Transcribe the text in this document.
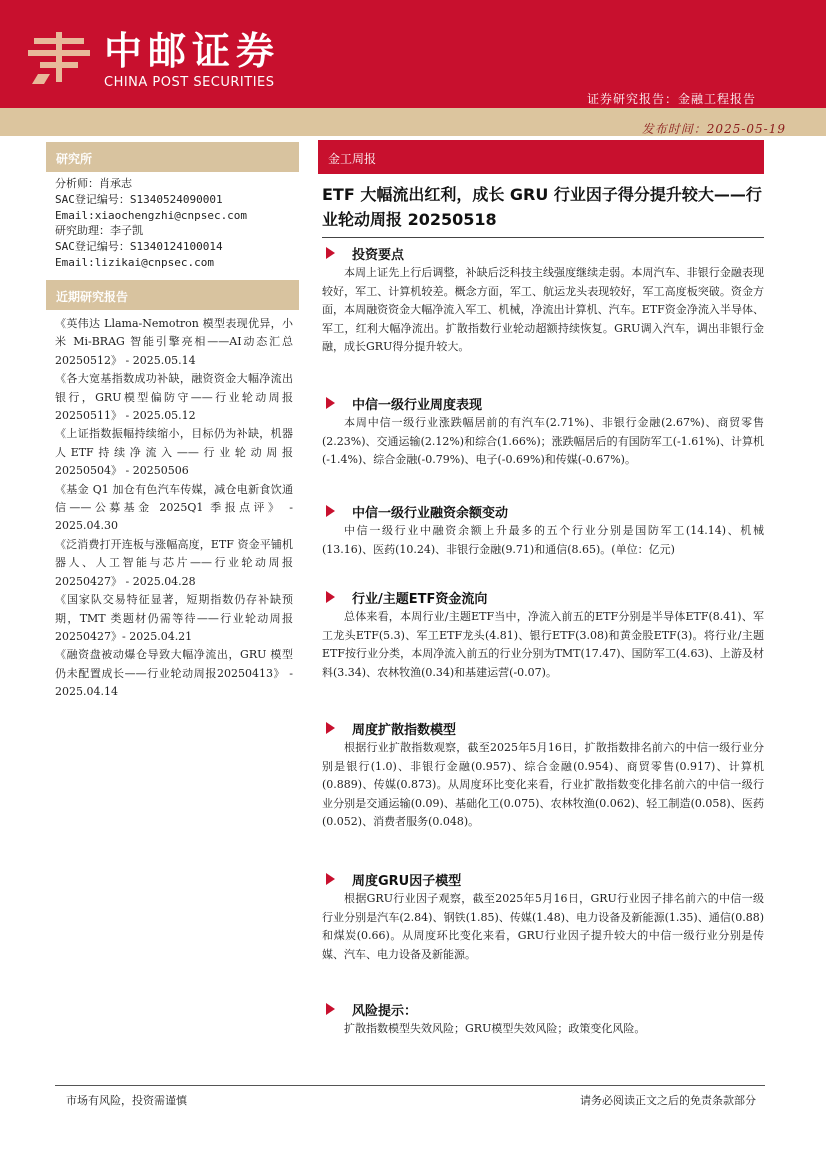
中邮证券
CHINA POST SECURITIES
证券研究报告：金融工程报告
发布时间：2025-05-19
研究所
分析师：肖承志
SAC登记编号：S1340524090001
Email:xiaochengzhi@cnpsec.com
研究助理：李子凯
SAC登记编号：S1340124100014
Email:lizikai@cnpsec.com
近期研究报告
《英伟达 Llama-Nemotron 模型表现优异，小米 Mi-BRAG 智能引擎亮相——AI动态汇总20250512》 - 2025.05.14
《各大宽基指数成功补缺，融资资金大幅净流出银行，GRU模型偏防守——行业轮动周报20250511》 - 2025.05.12
《上证指数振幅持续缩小，目标仍为补缺，机器人ETF持续净流入——行业轮动周报20250504》 - 20250506
《基金 Q1 加仓有色汽车传媒，减仓电新食饮通信——公募基金 2025Q1 季报点评》 - 2025.04.30
《泛消费打开连板与涨幅高度，ETF 资金平铺机器人、人工智能与芯片——行业轮动周报20250427》 - 2025.04.28
《国家队交易特征显著，短期指数仍存补缺预期，TMT 类题材仍需等待——行业轮动周报20250427》- 2025.04.21
《融资盘被动爆仓导致大幅净流出，GRU 模型仍未配置成长——行业轮动周报20250413》 - 2025.04.14
金工周报
ETF 大幅流出红利，成长 GRU 行业因子得分提升较大——行业轮动周报 20250518
投资要点
本周上证先上行后调整，补缺后泛科技主线强度继续走弱。本周汽车、非银行金融表现较好，军工、计算机较差。概念方面，军工、航运龙头表现较好，军工高度板突破。资金方面，本周融资资金大幅净流入军工、机械，净流出计算机、汽车。ETF资金净流入半导体、军工，红利大幅净流出。扩散指数行业轮动超额持续恢复。GRU调入汽车，调出非银行金融，成长GRU得分提升较大。
中信一级行业周度表现
本周中信一级行业涨跌幅居前的有汽车(2.71%)、非银行金融(2.67%)、商贸零售(2.23%)、交通运输(2.12%)和综合(1.66%)；涨跌幅居后的有国防军工(-1.61%)、计算机(-1.4%)、综合金融(-0.79%)、电子(-0.69%)和传媒(-0.67%)。
中信一级行业融资余额变动
中信一级行业中融资余额上升最多的五个行业分别是国防军工(14.14)、机械(13.16)、医药(10.24)、非银行金融(9.71)和通信(8.65)。(单位：亿元)
行业/主题ETF资金流向
总体来看，本周行业/主题ETF当中，净流入前五的ETF分别是半导体ETF(8.41)、军工龙头ETF(5.3)、军工ETF龙头(4.81)、银行ETF(3.08)和黄金股ETF(3)。将行业/主题ETF按行业分类，本周净流入前五的行业分别为TMT(17.47)、国防军工(4.63)、上游及材料(3.34)、农林牧渔(0.34)和基建运营(-0.07)。
周度扩散指数模型
根据行业扩散指数观察，截至2025年5月16日，扩散指数排名前六的中信一级行业分别是银行(1.0)、非银行金融(0.957)、综合金融(0.954)、商贸零售(0.917)、计算机(0.889)、传媒(0.873)。从周度环比变化来看，行业扩散指数变化排名前六的中信一级行业分别是交通运输(0.09)、基础化工(0.075)、农林牧渔(0.062)、轻工制造(0.058)、医药(0.052)、消费者服务(0.048)。
周度GRU因子模型
根据GRU行业因子观察，截至2025年5月16日，GRU行业因子排名前六的中信一级行业分别是汽车(2.84)、钢铁(1.85)、传媒(1.48)、电力设备及新能源(1.35)、通信(0.88)和煤炭(0.66)。从周度环比变化来看，GRU行业因子提升较大的中信一级行业分别是传媒、汽车、电力设备及新能源。
风险提示：
扩散指数模型失效风险；GRU模型失效风险；政策变化风险。
市场有风险，投资需谨慎	请务必阅读正文之后的免责条款部分
